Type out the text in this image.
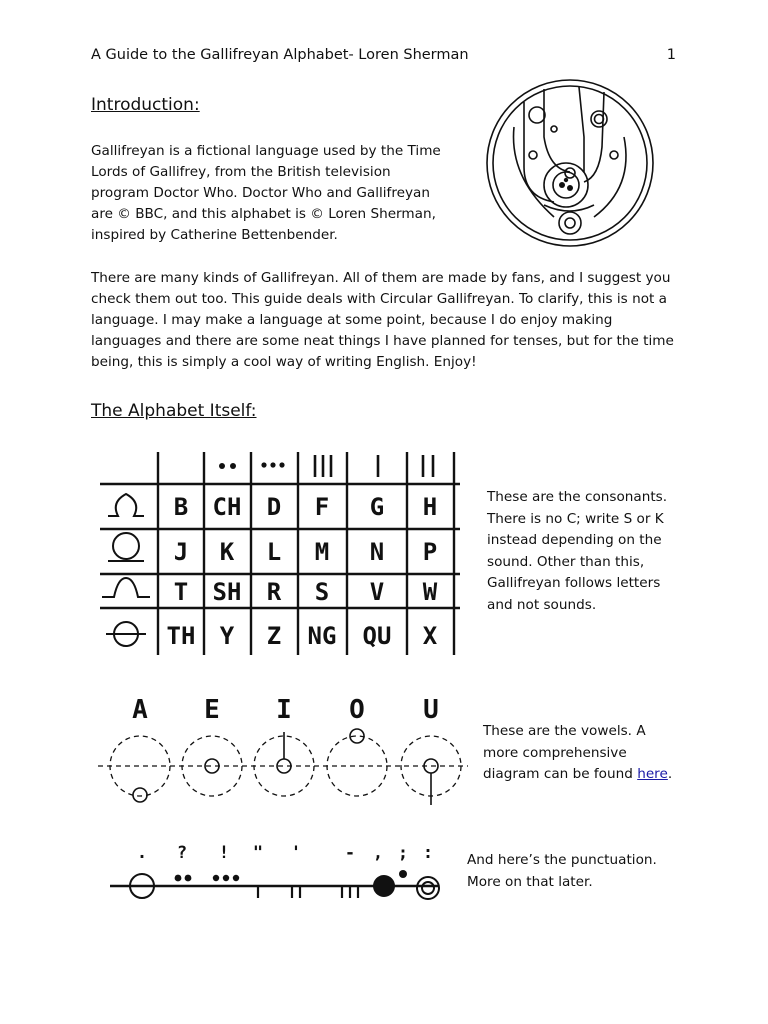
A Guide to the Gallifreyan Alphabet- Loren Sherman	1
Introduction:

Gallifreyan is a fictional language used by the Time Lords of Gallifrey, from the British television program Doctor Who. Doctor Who and Gallifreyan are © BBC, and this alphabet is © Loren Sherman, inspired by Catherine Bettenbender.

There are many kinds of Gallifreyan. All of them are made by fans, and I suggest you check them out too. This guide deals with Circular Gallifreyan. To clarify, this is not a language. I may make a language at some point, because I do enjoy making languages and there are some neat things I have planned for tenses, but for the time being, this is simply a cool way of writing English. Enjoy!

The Alphabet Itself:
B CH D F G H
J K L M N P
T SH R S V W
TH Y Z NG QU X

These are the consonants. There is no C; write S or K instead depending on the sound. Other than this, Gallifreyan follows letters and not sounds.

A E I O U

These are the vowels. A more comprehensive diagram can be found here.

. ? ! " '	- , ; : And here’s the punctuation. More on that later.
